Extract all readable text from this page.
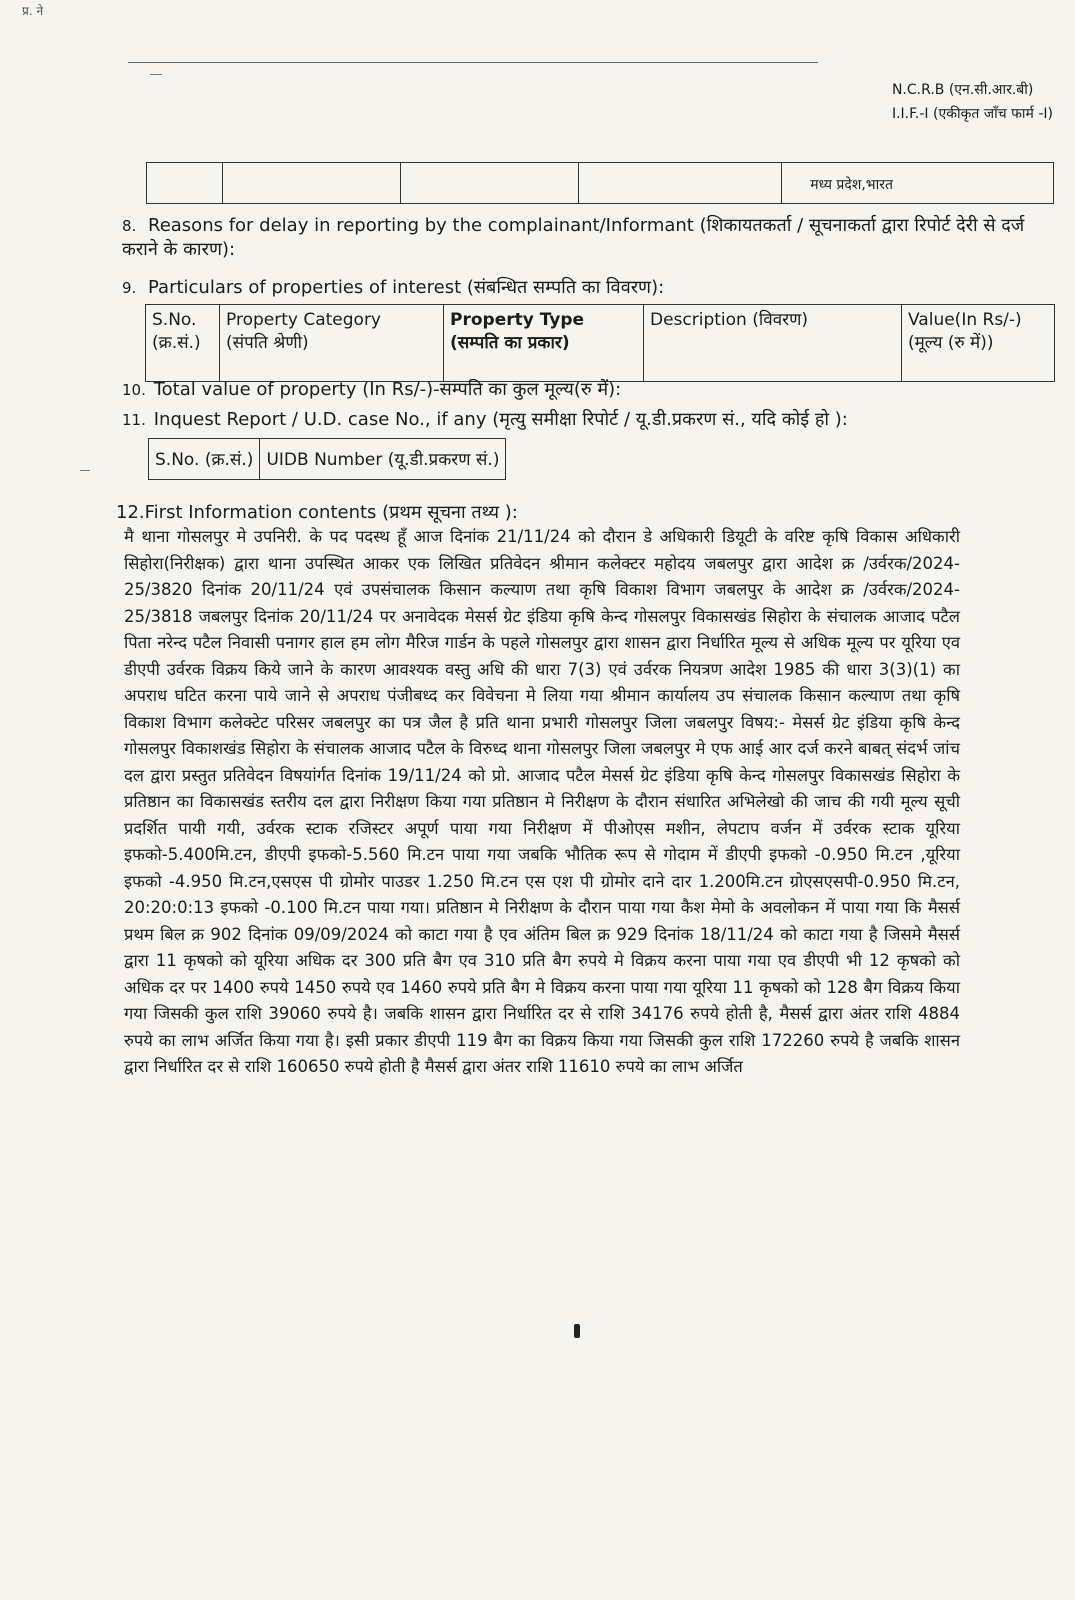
प्र. ने
N.C.R.B (एन.सी.आर.बी)
I.I.F.-I (एकीकृत जाँच फार्म -I)
मध्य प्रदेश,भारत
8. Reasons for delay in reporting by the complainant/Informant (शिकायतकर्ता / सूचनाकर्ता द्वारा रिपोर्ट देरी से दर्ज कराने के कारण):
9. Particulars of properties of interest (संबन्धित सम्पति का विवरण):
S.No.
(क्र.सं.)
Property Category
(संपति श्रेणी)
Property Type
(सम्पति का प्रकार)
Description (विवरण)	Value(In Rs/-)
(मूल्य (रु में))
10. Total value of property (In Rs/-)-सम्पति का कुल मूल्य(रु में):
11. Inquest Report / U.D. case No., if any (मृत्यु समीक्षा रिपोर्ट / यू.डी.प्रकरण सं., यदि कोई हो ):
S.No. (क्र.सं.) UIDB Number (यू.डी.प्रकरण सं.)
12.First Information contents (प्रथम सूचना तथ्य ):
मै थाना गोसलपुर मे उपनिरी. के पद पदस्थ हूँ आज दिनांक 21/11/24 को दौरान डे अधिकारी डियूटी के वरिष्ट कृषि विकास अधिकारी सिहोरा(निरीक्षक) द्वारा थाना उपस्थित आकर एक लिखित प्रतिवेदन श्रीमान कलेक्टर महोदय जबलपुर द्वारा आदेश क्र /उर्वरक/2024-25/3820 दिनांक 20/11/24 एवं उपसंचालक किसान कल्याण तथा कृषि विकाश विभाग जबलपुर के आदेश क्र /उर्वरक/2024-25/3818 जबलपुर दिनांक 20/11/24 पर अनावेदक मेसर्स ग्रेट इंडिया कृषि केन्द गोसलपुर विकासखंड सिहोरा के संचालक आजाद पटैल पिता नरेन्द पटैल निवासी पनागर हाल हम लोग मैरिज गार्डन के पहले गोसलपुर द्वारा शासन द्वारा निर्धारित मूल्य से अधिक मूल्य पर यूरिया एव डीएपी उर्वरक विक्रय किये जाने के कारण आवश्यक वस्तु अधि की धारा 7(3) एवं उर्वरक नियत्रण आदेश 1985 की धारा 3(3)(1) का अपराध घटित करना पाये जाने से अपराध पंजीबध्द कर विवेचना मे लिया गया श्रीमान कार्यालय उप संचालक किसान कल्याण तथा कृषि विकाश विभाग कलेक्टेट परिसर जबलपुर का पत्र जैल है प्रति थाना प्रभारी गोसलपुर जिला जबलपुर विषय:- मेसर्स ग्रेट इंडिया कृषि केन्द गोसलपुर विकाशखंड सिहोरा के संचालक आजाद पटैल के विरुध्द थाना गोसलपुर जिला जबलपुर मे एफ आई आर दर्ज करने बाबत् संदर्भ जांच दल द्वारा प्रस्तुत प्रतिवेदन विषयांर्गत दिनांक 19/11/24 को प्रो. आजाद पटैल मेसर्स ग्रेट इंडिया कृषि केन्द गोसलपुर विकासखंड सिहोरा के प्रतिष्ठान का विकासखंड स्तरीय दल द्वारा निरीक्षण किया गया प्रतिष्ठान मे निरीक्षण के दौरान संधारित अभिलेखो की जाच की गयी मूल्य सूची प्रदर्शित पायी गयी, उर्वरक स्टाक रजिस्टर अपूर्ण पाया गया निरीक्षण में पीओएस मशीन, लेपटाप वर्जन में उर्वरक स्टाक यूरिया इफको-5.400मि.टन, डीएपी इफको-5.560 मि.टन पाया गया जबकि भौतिक रूप से गोदाम में डीएपी इफको -0.950 मि.टन ,यूरिया इफको -4.950 मि.टन,एसएस पी ग्रोमोर पाउडर 1.250 मि.टन एस एश पी ग्रोमोर दाने दार 1.200मि.टन ग्रोएसएसपी-0.950 मि.टन, 20:20:0:13 इफको -0.100 मि.टन पाया गया। प्रतिष्ठान मे निरीक्षण के दौरान पाया गया कैश मेमो के अवलोकन में पाया गया कि मैसर्स प्रथम बिल क्र 902 दिनांक 09/09/2024 को काटा गया है एव अंतिम बिल क्र 929 दिनांक 18/11/24 को काटा गया है जिसमे मैसर्स द्वारा 11 कृषको को यूरिया अधिक दर 300 प्रति बैग एव 310 प्रति बैग रुपये मे विक्रय करना पाया गया एव डीएपी भी 12 कृषको को अधिक दर पर 1400 रुपये 1450 रुपये एव 1460 रुपये प्रति बैग मे विक्रय करना पाया गया यूरिया 11 कृषको को 128 बैग विक्रय किया गया जिसकी कुल राशि 39060 रुपये है। जबकि शासन द्वारा निर्धारित दर से राशि 34176 रुपये होती है, मैसर्स द्वारा अंतर राशि 4884 रुपये का लाभ अर्जित किया गया है। इसी प्रकार डीएपी 119 बैग का विक्रय किया गया जिसकी कुल राशि 172260 रुपये है जबकि शासन द्वारा निर्धारित दर से राशि 160650 रुपये होती है मैसर्स द्वारा अंतर राशि 11610 रुपये का लाभ अर्जित
